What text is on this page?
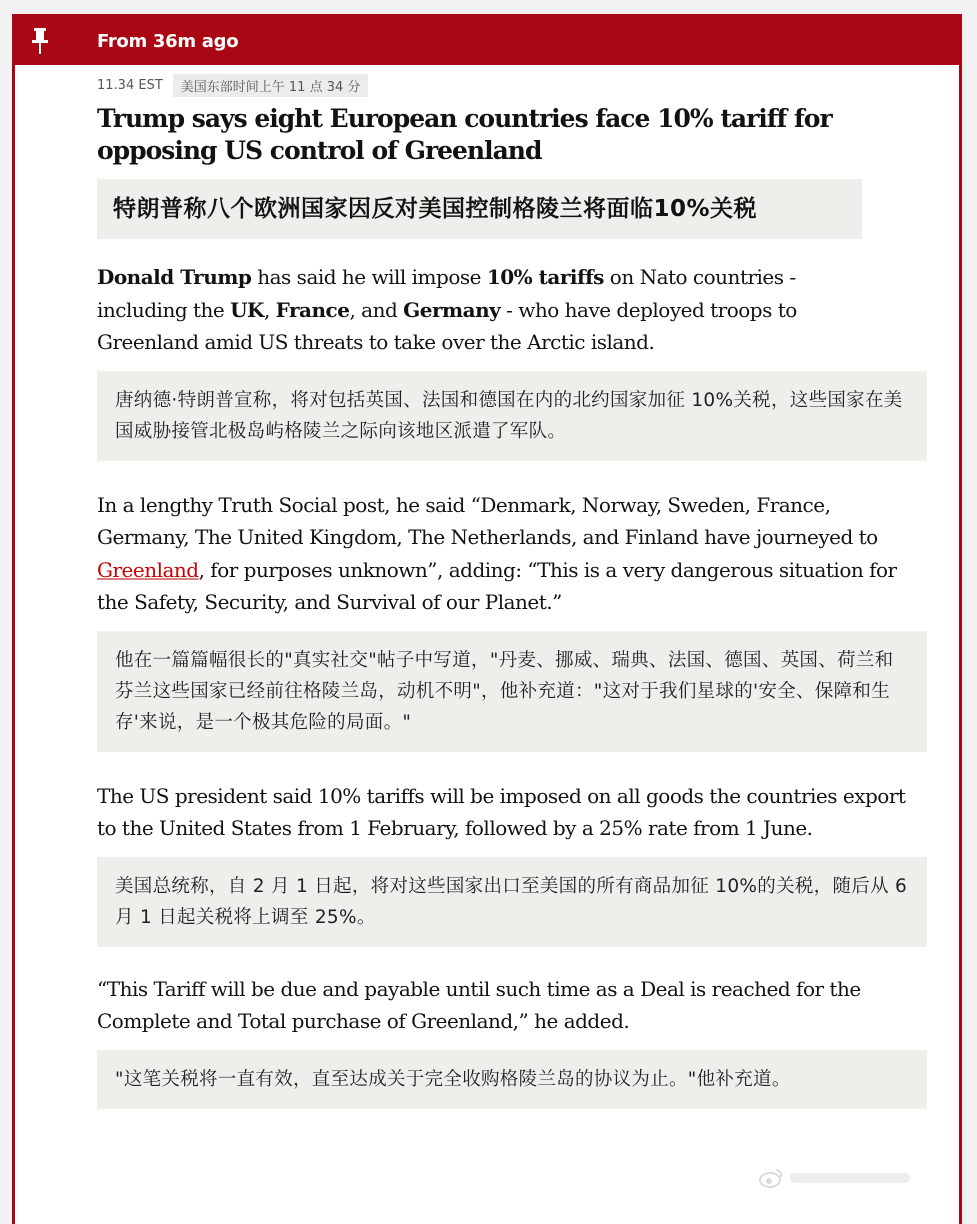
From 36m ago
11.34 EST	美国东部时间上午 11 点 34 分
Trump says eight European countries face 10% tariff for opposing US control of Greenland
特朗普称八个欧洲国家因反对美国控制格陵兰将面临10%关税

Donald Trump has said he will impose 10% tariffs on Nato countries - including the UK, France, and Germany - who have deployed troops to Greenland amid US threats to take over the Arctic island.

唐纳德·特朗普宣称，将对包括英国、法国和德国在内的北约国家加征 10%关税，这些国家在美国威胁接管北极岛屿格陵兰之际向该地区派遣了军队。

In a lengthy Truth Social post, he said “Denmark, Norway, Sweden, France, Germany, The United Kingdom, The Netherlands, and Finland have journeyed to Greenland, for purposes unknown”, adding: “This is a very dangerous situation for the Safety, Security, and Survival of our Planet.”

他在一篇篇幅很长的"真实社交"帖子中写道，"丹麦、挪威、瑞典、法国、德国、英国、荷兰和芬兰这些国家已经前往格陵兰岛，动机不明"，他补充道："这对于我们星球的'安全、保障和生存'来说，是一个极其危险的局面。"

The US president said 10% tariffs will be imposed on all goods the countries export to the United States from 1 February, followed by a 25% rate from 1 June.

美国总统称，自 2 月 1 日起，将对这些国家出口至美国的所有商品加征 10%的关税，随后从 6 月 1 日起关税将上调至 25%。

“This Tariff will be due and payable until such time as a Deal is reached for the Complete and Total purchase of Greenland,” he added.

"这笔关税将一直有效，直至达成关于完全收购格陵兰岛的协议为止。"他补充道。
